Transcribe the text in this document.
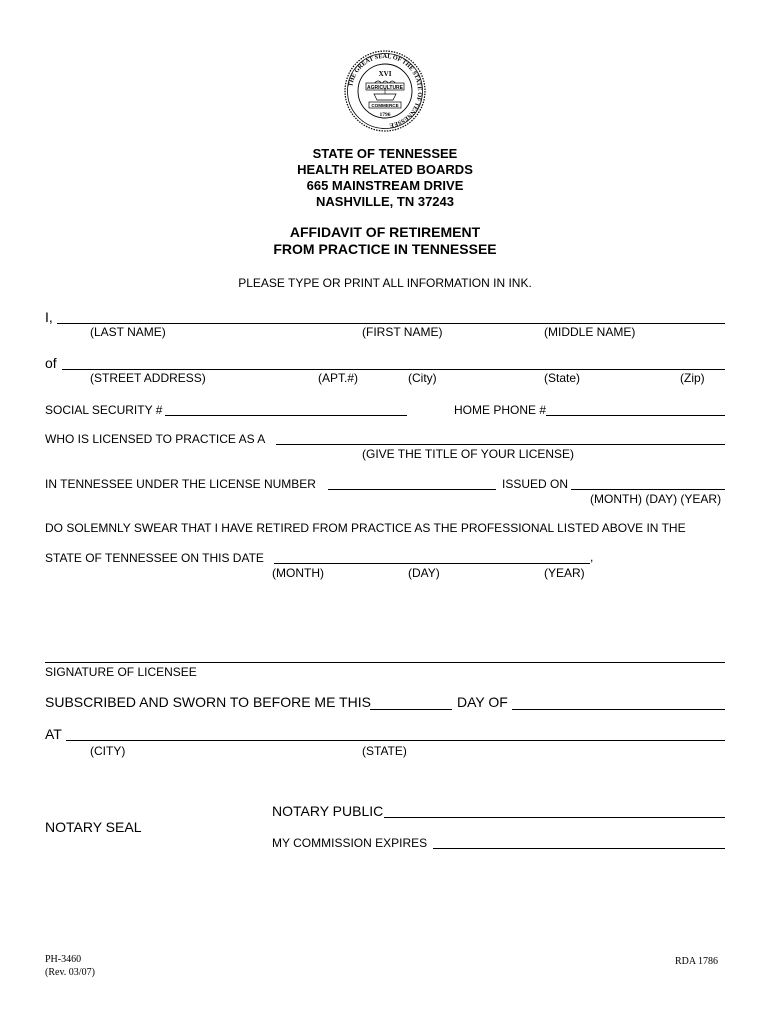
THE GREAT SEAL OF THE STATE OF TENNESSEE
XVI
AGRICULTURE
COMMERCE
1796
STATE OF TENNESSEE
HEALTH RELATED BOARDS
665 MAINSTREAM DRIVE
NASHVILLE, TN 37243
AFFIDAVIT OF RETIREMENT
FROM PRACTICE IN TENNESSEE
PLEASE TYPE OR PRINT ALL INFORMATION IN INK.
I,
(LAST NAME)	(FIRST NAME)	(MIDDLE NAME)
of
(STREET ADDRESS)	(APT.#)	(City)	(State)	(Zip)
SOCIAL SECURITY #	HOME PHONE #
WHO IS LICENSED TO PRACTICE AS A
(GIVE THE TITLE OF YOUR LICENSE)
IN TENNESSEE UNDER THE LICENSE NUMBER	ISSUED ON
(MONTH) (DAY) (YEAR)
DO SOLEMNLY SWEAR THAT I HAVE RETIRED FROM PRACTICE AS THE PROFESSIONAL LISTED ABOVE IN THE
STATE OF TENNESSEE ON THIS DATE	,
(MONTH)	(DAY)	(YEAR)
SIGNATURE OF LICENSEE
SUBSCRIBED AND SWORN TO BEFORE ME THIS	DAY OF
AT
(CITY)	(STATE)
NOTARY PUBLIC
NOTARY SEAL
MY COMMISSION EXPIRES
PH-3460
(Rev. 03/07)
RDA 1786
